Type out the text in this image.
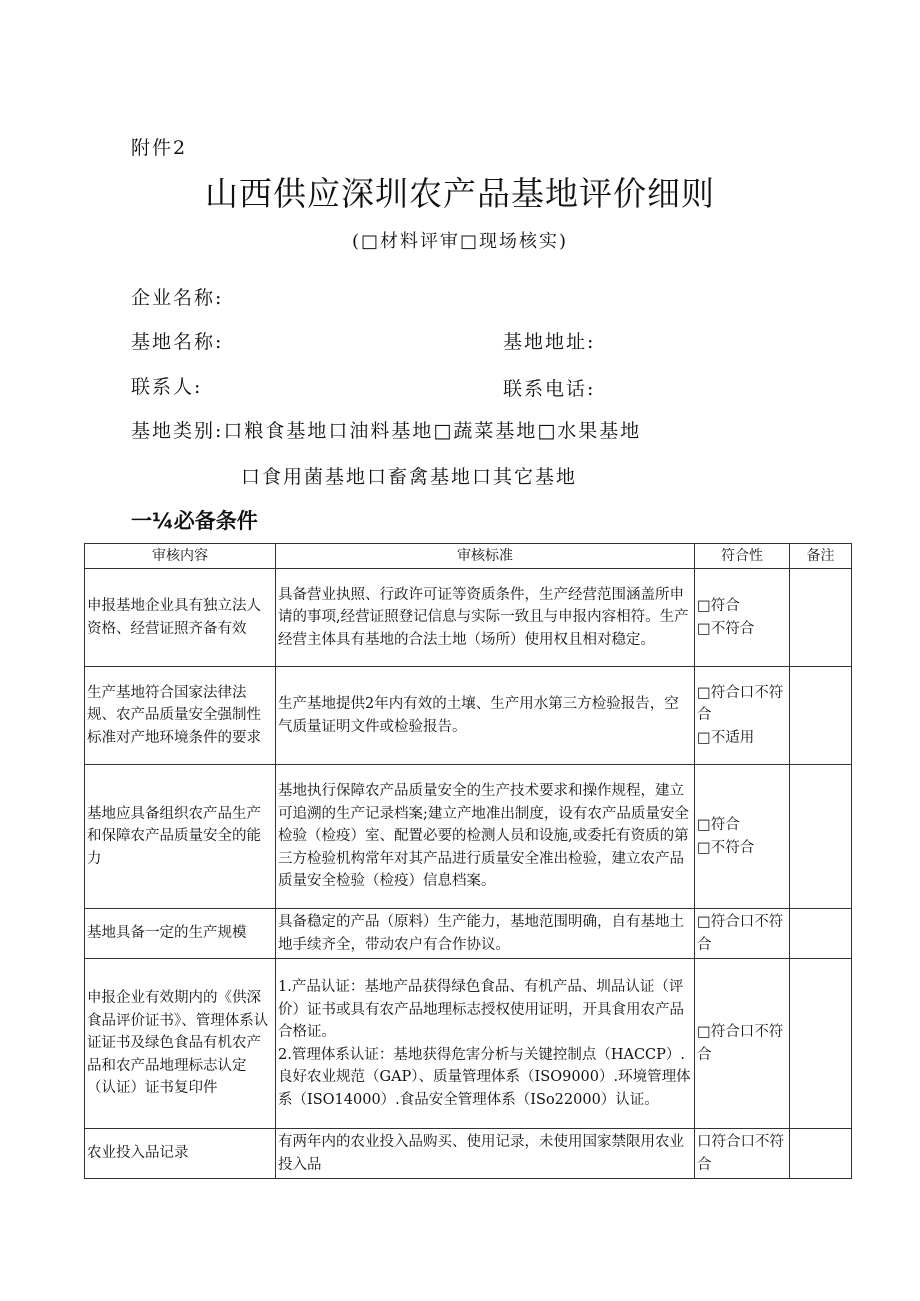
附件2
山西供应深圳农产品基地评价细则
(□材料评审□现场核实)
企业名称:
基地名称:	基地地址:
联系人:	联系电话:
基地类别:口粮食基地口油料基地□蔬菜基地□水果基地
口食用菌基地口畜禽基地口其它基地
一¼必备条件
审核内容	审核标准	符合性	备注
申报基地企业具有独立法人资格、经营证照齐备有效	具备营业执照、行政许可证等资质条件，生产经营范围涵盖所申请的事项,经营证照登记信息与实际一致且与申报内容相符。生产经营主体具有基地的合法土地（场所）使用权且相对稳定。	□符合
□不符合	
生产基地符合国家法律法规、农产品质量安全强制性标准对产地环境条件的要求	生产基地提供2年内有效的土壤、生产用水第三方检验报告，空气质量证明文件或检验报告。	□符合口不符合
□不适用	
基地应具备组织农产品生产和保障农产品质量安全的能力	基地执行保障农产品质量安全的生产技术要求和操作规程，建立可追溯的生产记录档案;建立产地准出制度，设有农产品质量安全检验（检疫）室、配置必要的检测人员和设施,或委托有资质的第三方检验机构常年对其产品进行质量安全准出检验，建立农产品质量安全检验（检疫）信息档案。	□符合
□不符合	
基地具备一定的生产规模	具备稳定的产品（原料）生产能力，基地范围明确，自有基地土地手续齐全，带动农户有合作协议。	□符合口不符合	
申报企业有效期内的《供深食品评价证书》、管理体系认证证书及绿色食品有机农产品和农产品地理标志认定（认证）证书复印件	1.产品认证：基地产品获得绿色食品、有机产品、圳品认证（评价）证书或具有农产品地理标志授权使用证明，开具食用农产品合格证。
2.管理体系认证：基地获得危害分析与关键控制点（HACCP）.良好农业规范（GAP）、质量管理体系（ISO9000）.环境管理体系（ISO14000）.食品安全管理体系（ISo22000）认证。	□符合口不符合	
农业投入品记录	有两年内的农业投入品购买、使用记录，未使用国家禁限用农业投入品	口符合口不符合	
